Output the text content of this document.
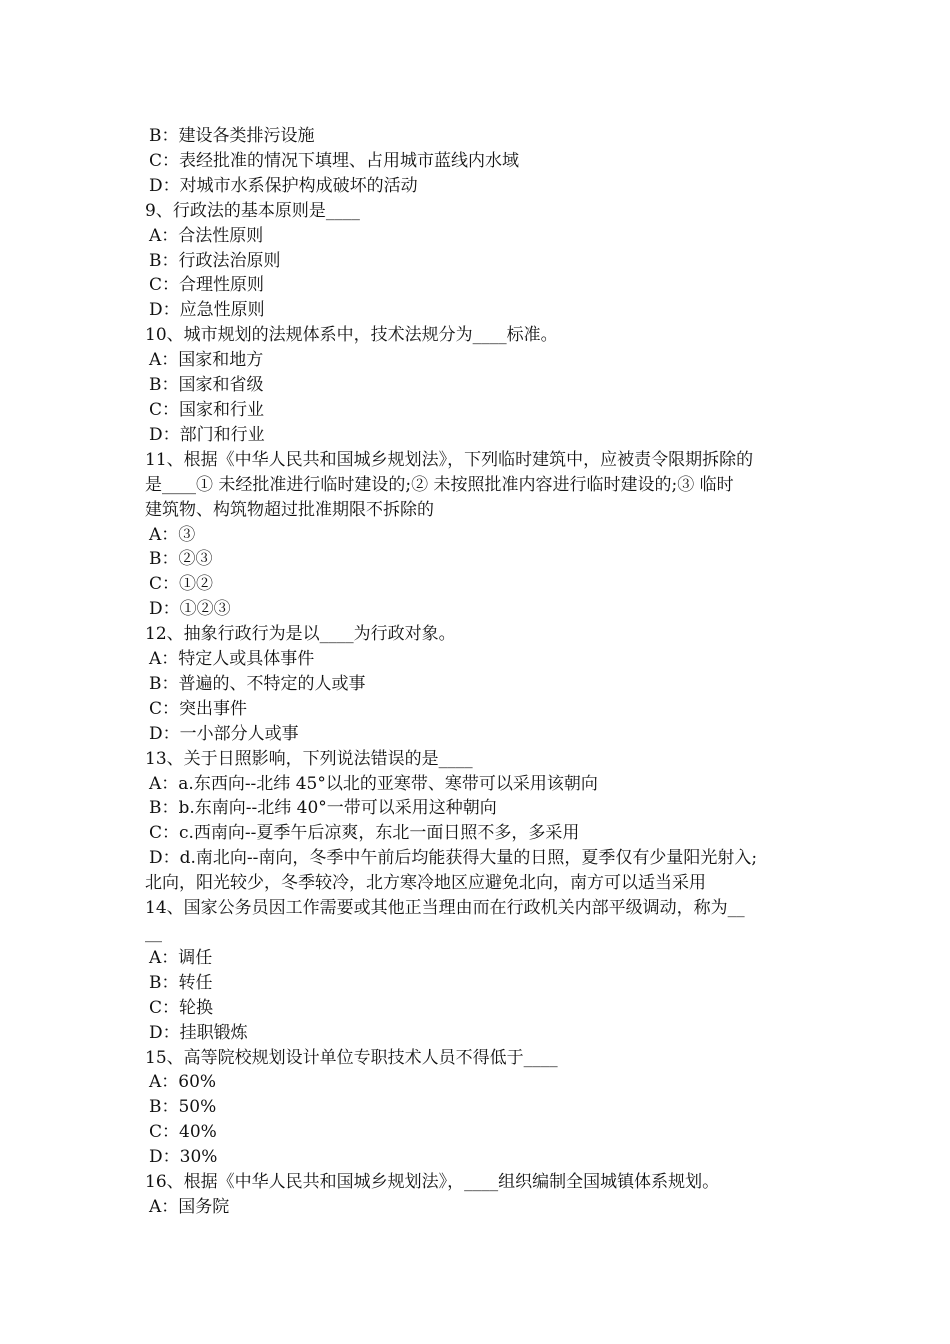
B：建设各类排污设施
C：表经批准的情况下填埋、占用城市蓝线内水域
D：对城市水系保护构成破坏的活动
9、行政法的基本原则是____
A：合法性原则
B：行政法治原则
C：合理性原则
D：应急性原则
10、城市规划的法规体系中，技术法规分为____标准。
A：国家和地方
B：国家和省级
C：国家和行业
D：部门和行业
11、根据《中华人民共和国城乡规划法》，下列临时建筑中，应被责令限期拆除的
是____① 未经批准进行临时建设的;② 未按照批准内容进行临时建设的;③ 临时
建筑物、构筑物超过批准期限不拆除的
A：③
B：②③
C：①②
D：①②③
12、抽象行政行为是以____为行政对象。
A：特定人或具体事件
B：普遍的、不特定的人或事
C：突出事件
D：一小部分人或事
13、关于日照影响，下列说法错误的是____
A：a.东西向--北纬 45°以北的亚寒带、寒带可以采用该朝向
B：b.东南向--北纬 40°一带可以采用这种朝向
C：c.西南向--夏季午后凉爽，东北一面日照不多，多采用
D：d.南北向--南向，冬季中午前后均能获得大量的日照，夏季仅有少量阳光射入;
北向，阳光较少，冬季较冷，北方寒冷地区应避免北向，南方可以适当采用
14、国家公务员因工作需要或其他正当理由而在行政机关内部平级调动，称为__
__
A：调任
B：转任
C：轮换
D：挂职锻炼
15、高等院校规划设计单位专职技术人员不得低于____
A：60%
B：50%
C：40%
D：30%
16、根据《中华人民共和国城乡规划法》，____组织编制全国城镇体系规划。
A：国务院
